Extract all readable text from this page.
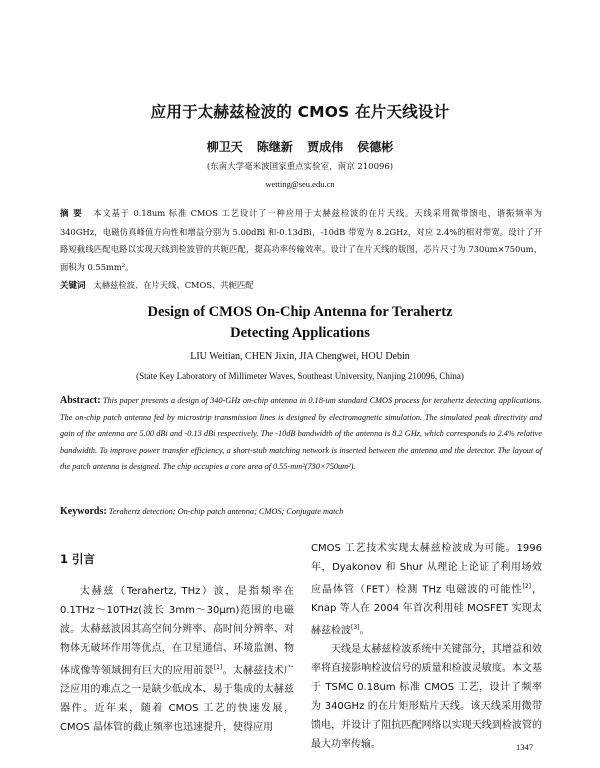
应用于太赫兹检波的 CMOS 在片天线设计
柳卫天 陈继新 贾成伟 侯德彬
(东南大学毫米波国家重点实验室，南京 210096)
wetting@seu.edu.cn
摘 要 本文基于 0.18um 标准 CMOS 工艺设计了一种应用于太赫兹检波的在片天线。天线采用微带馈电，谐振频率为 340GHz，电磁仿真峰值方向性和增益分别为 5.00dBi 和-0.13dBi，-10dB 带宽为 8.2GHz，对应 2.4%的相对带宽。设计了开路短截线匹配电路以实现天线到检波管的共轭匹配，提高功率传输效率。设计了在片天线的版图，芯片尺寸为 730um×750um，面积为 0.55mm²。
关键词 太赫兹检波、在片天线、CMOS、共轭匹配
Design of CMOS On-Chip Antenna for Terahertz
Detecting Applications
LIU Weitian, CHEN Jixin, JIA Chengwei, HOU Debin
(State Key Laboratory of Millimeter Waves, Southeast University, Nanjing 210096, China)
Abstract: This paper presents a design of 340-GHz on-chip antenna in 0.18-um standard CMOS process for terahertz detecting applications. The on-chip patch antenna fed by microstrip transmission lines is designed by electromagnetic simulation. The simulated peak directivity and gain of the antenna are 5.00 dBi and -0.13 dBi respectively. The -10dB bandwidth of the antenna is 8.2 GHz, which corresponds to 2.4% relative bandwidth. To improve power transfer efficiency, a short-stub matching network is inserted between the antenna and the detector. The layout of the patch antenna is designed. The chip occupies a core area of 0.55-mm²(730×750um²).
Keywords: Terahertz detection; On-chip patch antenna; CMOS; Conjugate match
1 引言

太赫兹（Terahertz, THz）波，是指频率在 0.1THz～10THz(波长 3mm～30μm)范围的电磁波。太赫兹波因其高空间分辨率、高时间分辨率、对物体无破坏作用等优点，在卫星通信、环境监测、物体成像等领域拥有巨大的应用前景[1]。太赫兹技术广泛应用的难点之一是缺少低成本、易于集成的太赫兹器件。近年来，随着 CMOS 工艺的快速发展，CMOS 晶体管的截止频率也迅速提升，使得应用

CMOS 工艺技术实现太赫兹检波成为可能。1996 年，Dyakonov 和 Shur 从理论上论证了利用场效应晶体管（FET）检测 THz 电磁波的可能性[2]，Knap 等人在 2004 年首次利用硅 MOSFET 实现太赫兹检波[3]。

天线是太赫兹检波系统中关键部分，其增益和效率将直接影响检波信号的质量和检波灵敏度。本文基于 TSMC 0.18um 标准 CMOS 工艺，设计了频率为 340GHz 的在片矩形贴片天线。该天线采用微带馈电，并设计了阻抗匹配网络以实现天线到检波管的最大功率传输。	1347
